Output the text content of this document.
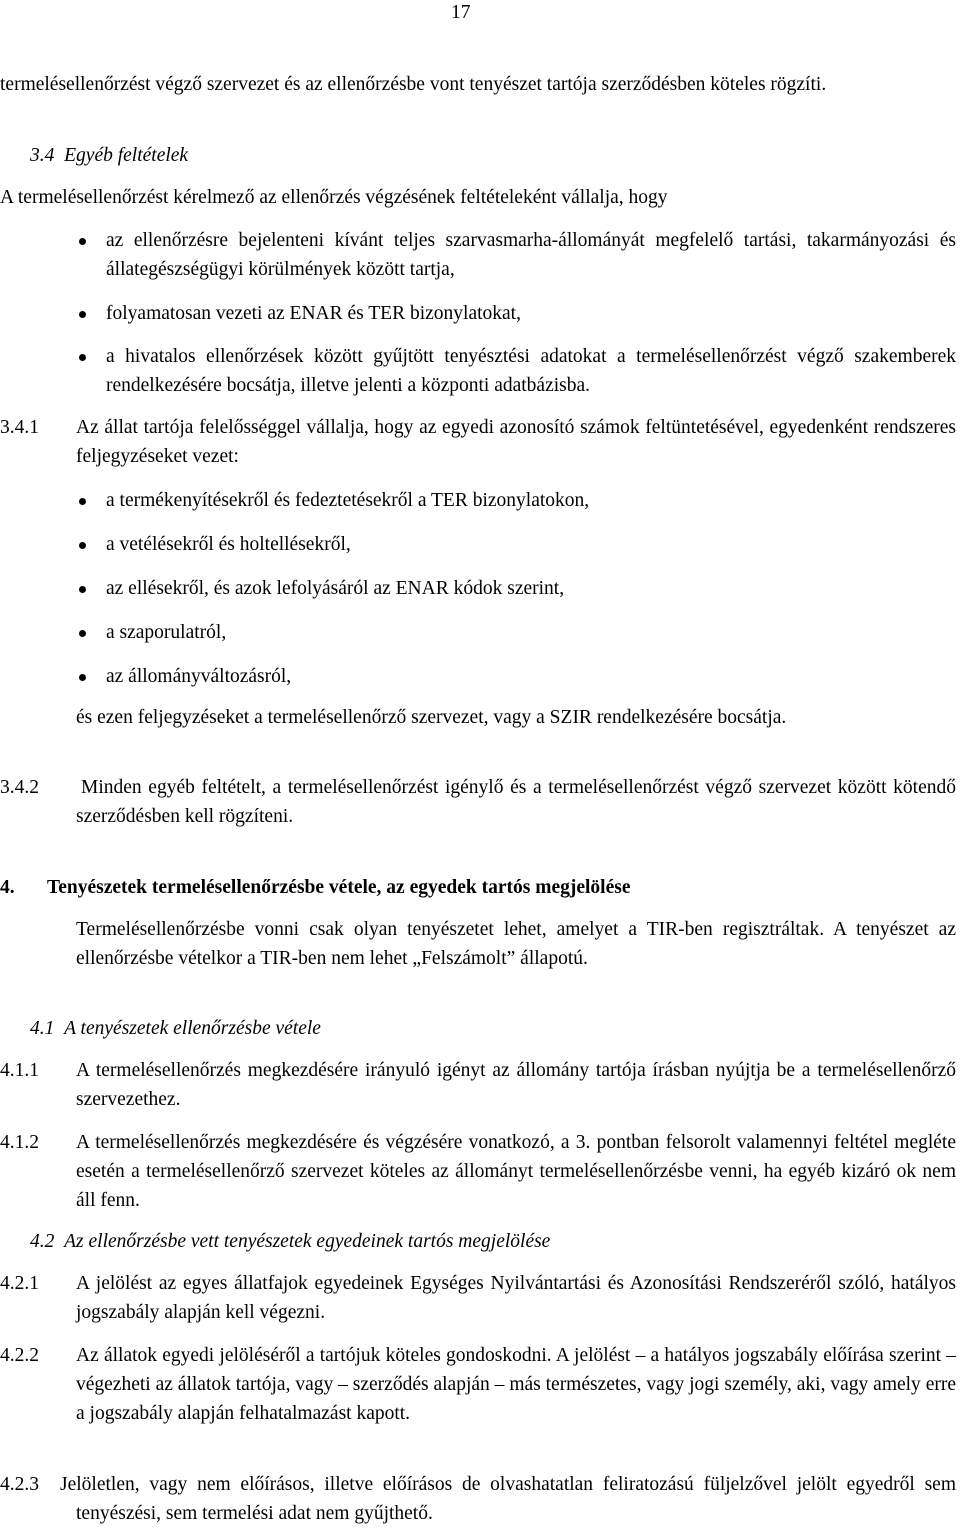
17
termelésellenőrzést végző szervezet és az ellenőrzésbe vont tenyészet tartója szerződésben köteles rögzíti.
3.4 Egyéb feltételek
A termelésellenőrzést kérelmező az ellenőrzés végzésének feltételeként vállalja, hogy
az ellenőrzésre bejelenteni kívánt teljes szarvasmarha-állományát megfelelő tartási, takarmányozási és állategészségügyi körülmények között tartja,
folyamatosan vezeti az ENAR és TER bizonylatokat,
a hivatalos ellenőrzések között gyűjtött tenyésztési adatokat a termelésellenőrzést végző szakemberek rendelkezésére bocsátja, illetve jelenti a központi adatbázisba.
3.4.1 Az állat tartója felelősséggel vállalja, hogy az egyedi azonosító számok feltüntetésével, egyedenként rendszeres feljegyzéseket vezet:
a termékenyítésekről és fedeztetésekről a TER bizonylatokon,
a vetélésekről és holtellésekről,
az ellésekről, és azok lefolyásáról az ENAR kódok szerint,
a szaporulatról,
az állományváltozásról,
és ezen feljegyzéseket a termelésellenőrző szervezet, vagy a SZIR rendelkezésére bocsátja.
3.4.2 Minden egyéb feltételt, a termelésellenőrzést igénylő és a termelésellenőrzést végző szervezet között kötendő szerződésben kell rögzíteni.
4. Tenyészetek termelésellenőrzésbe vétele, az egyedek tartós megjelölése
Termelésellenőrzésbe vonni csak olyan tenyészetet lehet, amelyet a TIR-ben regisztráltak. A tenyészet az ellenőrzésbe vételkor a TIR-ben nem lehet „Felszámolt” állapotú.
4.1 A tenyészetek ellenőrzésbe vétele
4.1.1 A termelésellenőrzés megkezdésére irányuló igényt az állomány tartója írásban nyújtja be a termelésellenőrző szervezethez.
4.1.2 A termelésellenőrzés megkezdésére és végzésére vonatkozó, a 3. pontban felsorolt valamennyi feltétel megléte esetén a termelésellenőrző szervezet köteles az állományt termelésellenőrzésbe venni, ha egyéb kizáró ok nem áll fenn.
4.2 Az ellenőrzésbe vett tenyészetek egyedeinek tartós megjelölése
4.2.1 A jelölést az egyes állatfajok egyedeinek Egységes Nyilvántartási és Azonosítási Rendszeréről szóló, hatályos jogszabály alapján kell végezni.
4.2.2 Az állatok egyedi jelöléséről a tartójuk köteles gondoskodni. A jelölést – a hatályos jogszabály előírása szerint – végezheti az állatok tartója, vagy – szerződés alapján – más természetes, vagy jogi személy, aki, vagy amely erre a jogszabály alapján felhatalmazást kapott.
4.2.3 Jelöletlen, vagy nem előírásos, illetve előírásos de olvashatatlan feliratozású füljelzővel jelölt egyedről sem tenyészési, sem termelési adat nem gyűjthető.
